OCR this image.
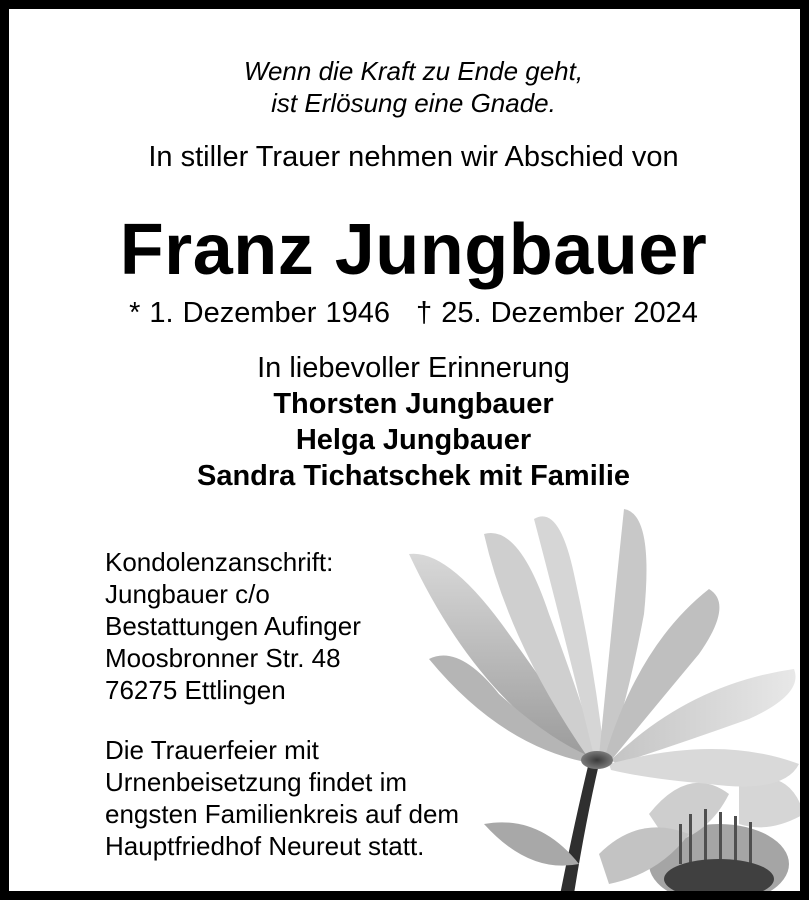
Wenn die Kraft zu Ende geht,
ist Erlösung eine Gnade.
In stiller Trauer nehmen wir Abschied von
Franz Jungbauer
* 1. Dezember 1946 † 25. Dezember 2024
In liebevoller Erinnerung
Thorsten Jungbauer
Helga Jungbauer
Sandra Tichatschek mit Familie
Kondolenzanschrift:
Jungbauer c/o
Bestattungen Aufinger
Moosbronner Str. 48
76275 Ettlingen
Die Trauerfeier mit
Urnenbeisetzung findet im
engsten Familienkreis auf dem
Hauptfriedhof Neureut statt.
